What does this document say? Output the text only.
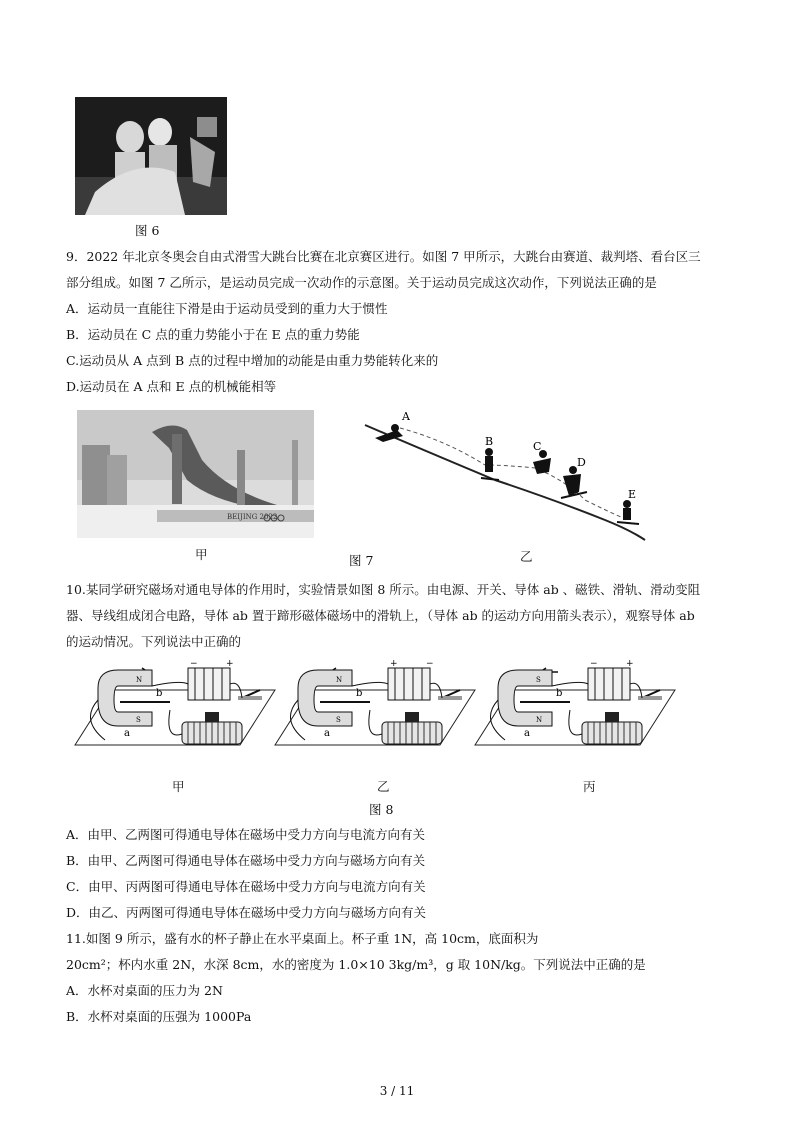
图 6
9．2022 年北京冬奥会自由式滑雪大跳台比赛在北京赛区进行。如图 7 甲所示，大跳台由赛道、裁判塔、看台区三
部分组成。如图 7 乙所示，是运动员完成一次动作的示意图。关于运动员完成这次动作，下列说法正确的是
A．运动员一直能往下滑是由于运动员受到的重力大于惯性
B．运动员在 C 点的重力势能小于在 E 点的重力势能
C.运动员从 A 点到 B 点的过程中增加的动能是由重力势能转化来的
D.运动员在 A 点和 E 点的机械能相等
BEIJING 2022
甲	图 7	乙
A
B	C
D
E
10.某同学研究磁场对通电导体的作用时，实验情景如图 8 所示。由电源、开关、导体 ab 、磁铁、滑轨、滑动变阻
器、导线组成闭合电路，导体 ab 置于蹄形磁体磁场中的滑轨上，（导体 ab 的运动方向用箭头表示），观察导体 ab
的运动情况。下列说法中正确的
N
S
−	+
a
b
甲
N
S
+	−
a
b
乙
S
N
−	+
a
b
丙
图 8
A．由甲、乙两图可得通电导体在磁场中受力方向与电流方向有关
B．由甲、乙两图可得通电导体在磁场中受力方向与磁场方向有关
C．由甲、丙两图可得通电导体在磁场中受力方向与电流方向有关
D．由乙、丙两图可得通电导体在磁场中受力方向与磁场方向有关
11.如图 9 所示，盛有水的杯子静止在水平桌面上。杯子重 1N，高 10cm，底面积为
20cm²；杯内水重 2N，水深 8cm，水的密度为 1.0×10 3kg/m³，g 取 10N/kg。下列说法中正确的是
A．水杯对桌面的压力为 2N
B．水杯对桌面的压强为 1000Pa
3 / 11
